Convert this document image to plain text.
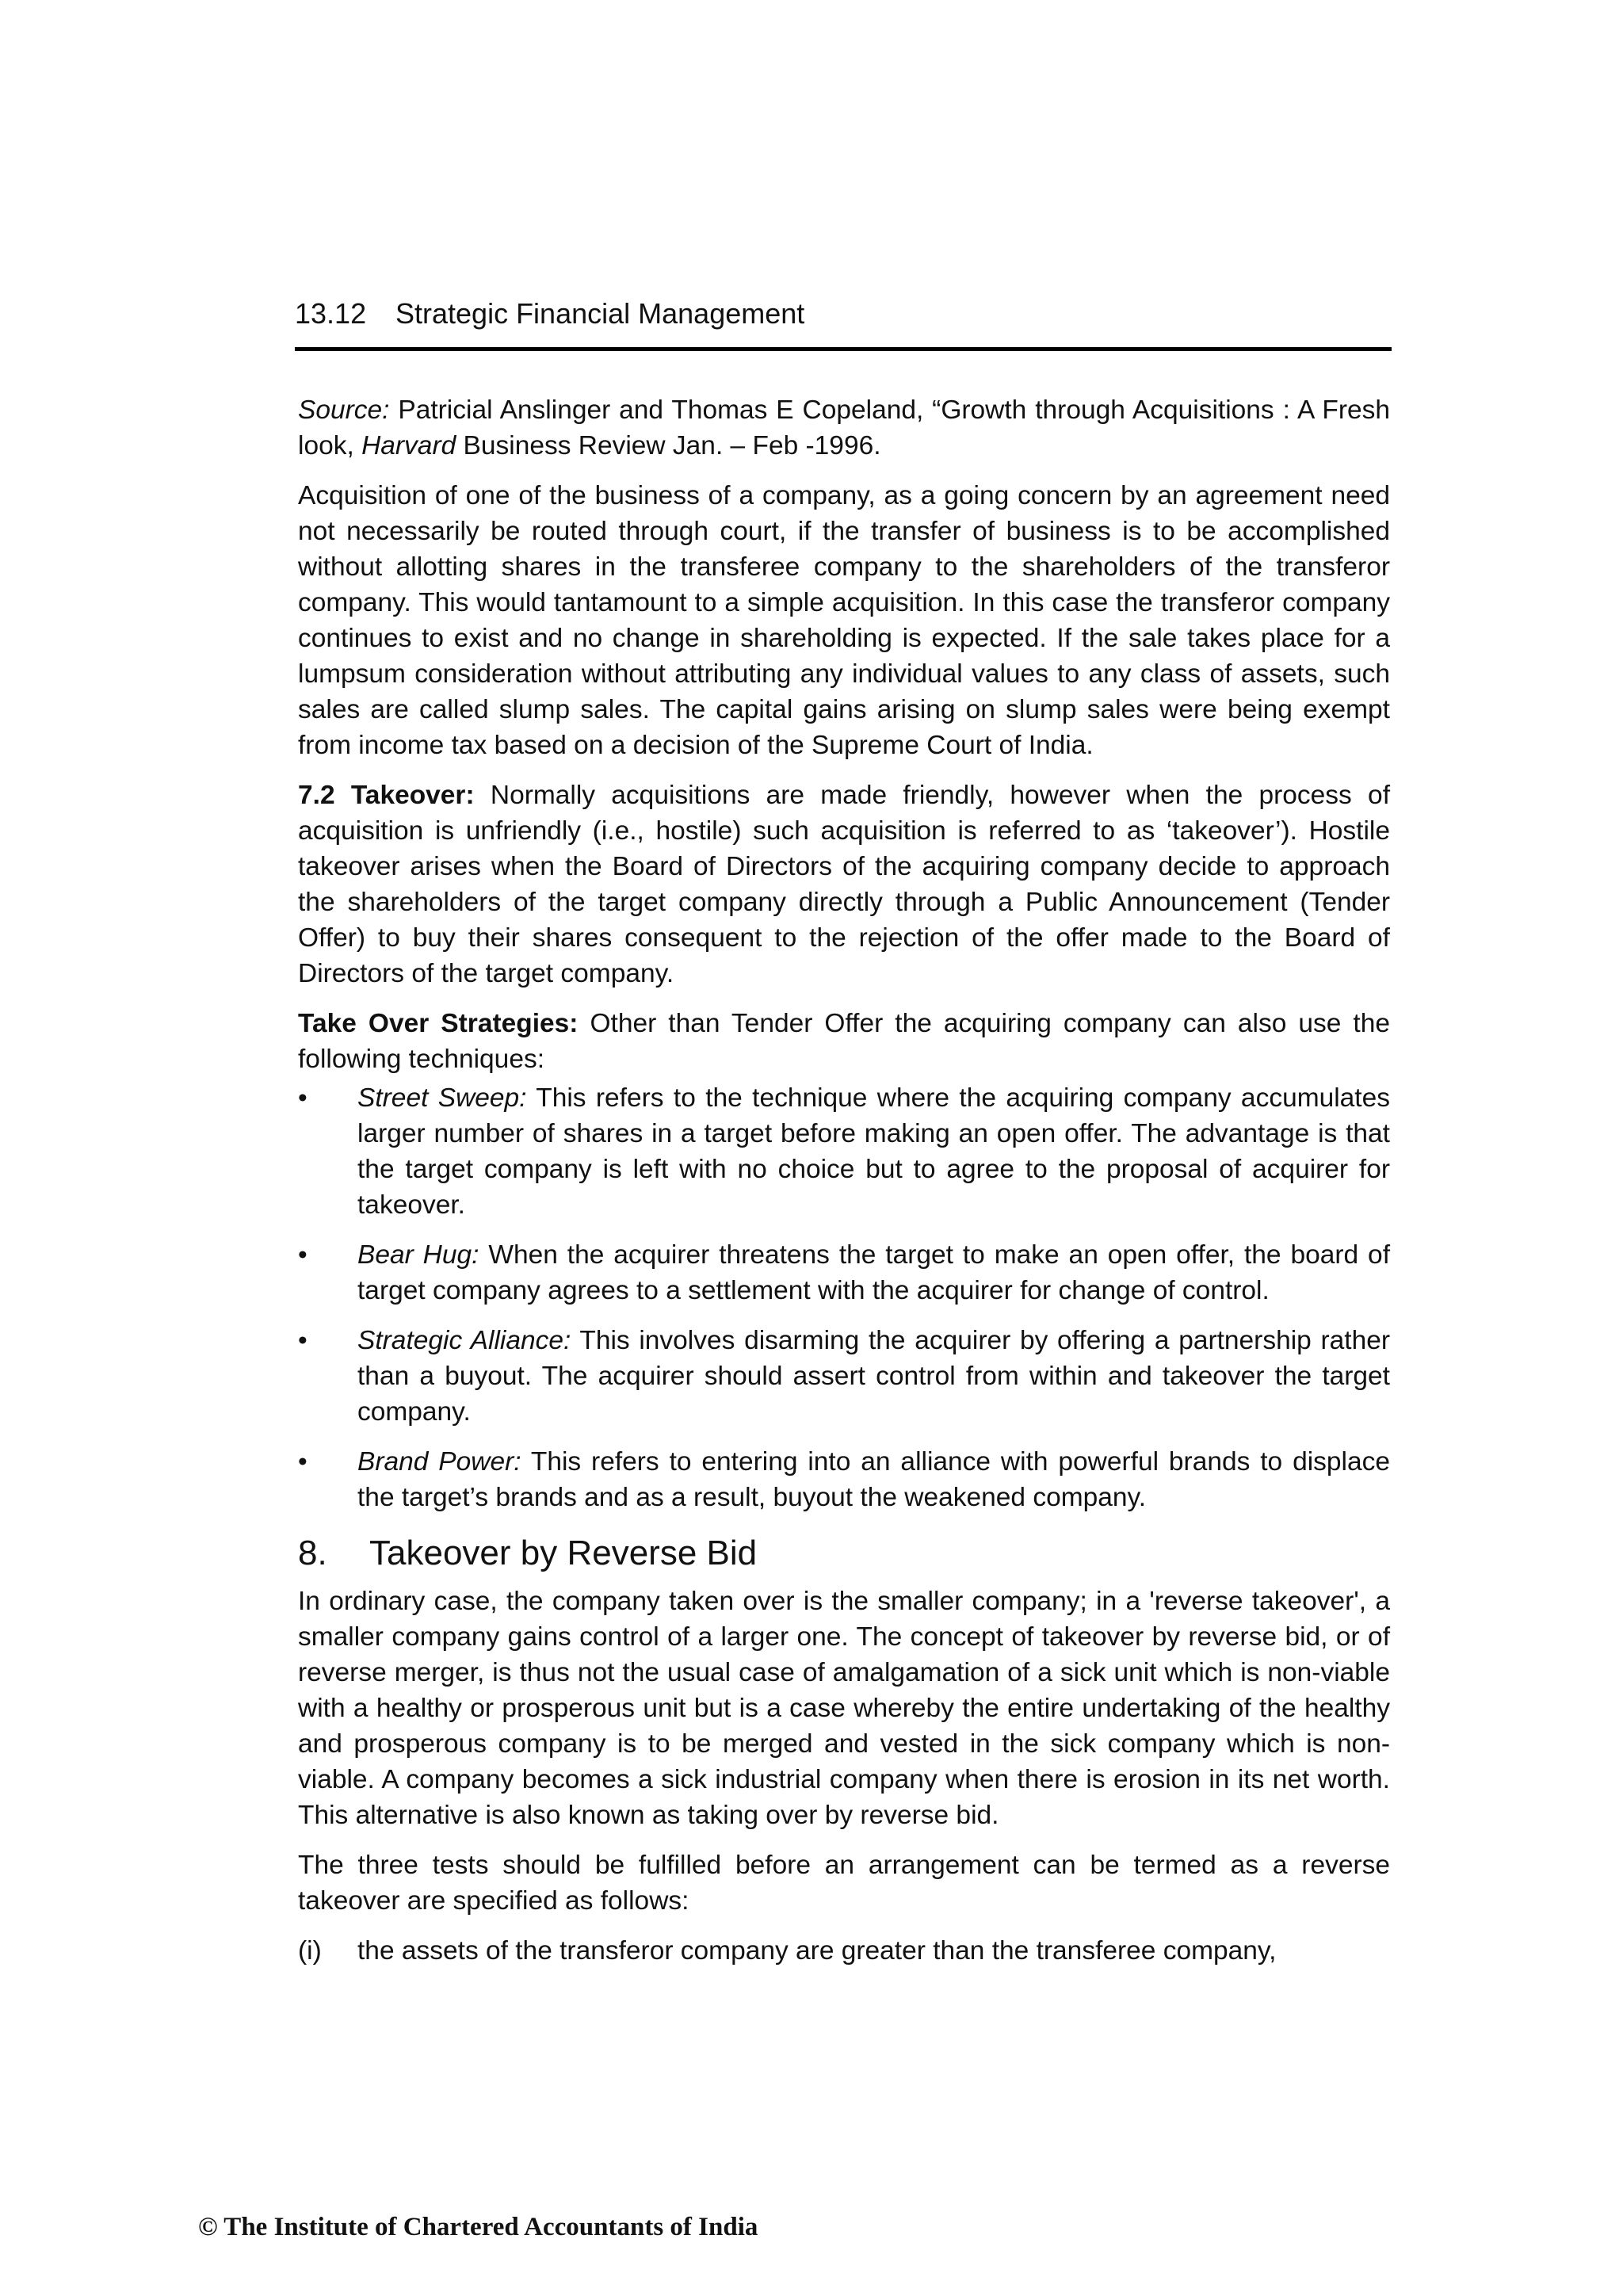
13.12 Strategic Financial Management

Source: Patricial Anslinger and Thomas E Copeland, “Growth through Acquisitions : A Fresh look, Harvard Business Review Jan. – Feb -1996.

Acquisition of one of the business of a company, as a going concern by an agreement need not necessarily be routed through court, if the transfer of business is to be accomplished without allotting shares in the transferee company to the shareholders of the transferor company. This would tantamount to a simple acquisition. In this case the transferor company continues to exist and no change in shareholding is expected. If the sale takes place for a lumpsum consideration without attributing any individual values to any class of assets, such sales are called slump sales. The capital gains arising on slump sales were being exempt from income tax based on a decision of the Supreme Court of India.

7.2 Takeover: Normally acquisitions are made friendly, however when the process of acquisition is unfriendly (i.e., hostile) such acquisition is referred to as ‘takeover’). Hostile takeover arises when the Board of Directors of the acquiring company decide to approach the shareholders of the target company directly through a Public Announcement (Tender Offer) to buy their shares consequent to the rejection of the offer made to the Board of Directors of the target company.

Take Over Strategies: Other than Tender Offer the acquiring company can also use the following techniques:

• Street Sweep: This refers to the technique where the acquiring company accumulates larger number of shares in a target before making an open offer. The advantage is that the target company is left with no choice but to agree to the proposal of acquirer for takeover.
• Bear Hug: When the acquirer threatens the target to make an open offer, the board of target company agrees to a settlement with the acquirer for change of control.
• Strategic Alliance: This involves disarming the acquirer by offering a partnership rather than a buyout. The acquirer should assert control from within and takeover the target company.
• Brand Power: This refers to entering into an alliance with powerful brands to displace the target’s brands and as a result, buyout the weakened company.
8. Takeover by Reverse Bid

In ordinary case, the company taken over is the smaller company; in a 'reverse takeover', a smaller company gains control of a larger one. The concept of takeover by reverse bid, or of reverse merger, is thus not the usual case of amalgamation of a sick unit which is non-viable with a healthy or prosperous unit but is a case whereby the entire undertaking of the healthy and prosperous company is to be merged and vested in the sick company which is non-viable. A company becomes a sick industrial company when there is erosion in its net worth. This alternative is also known as taking over by reverse bid.

The three tests should be fulfilled before an arrangement can be termed as a reverse takeover are specified as follows:

(i) the assets of the transferor company are greater than the transferee company,

© The Institute of Chartered Accountants of India
